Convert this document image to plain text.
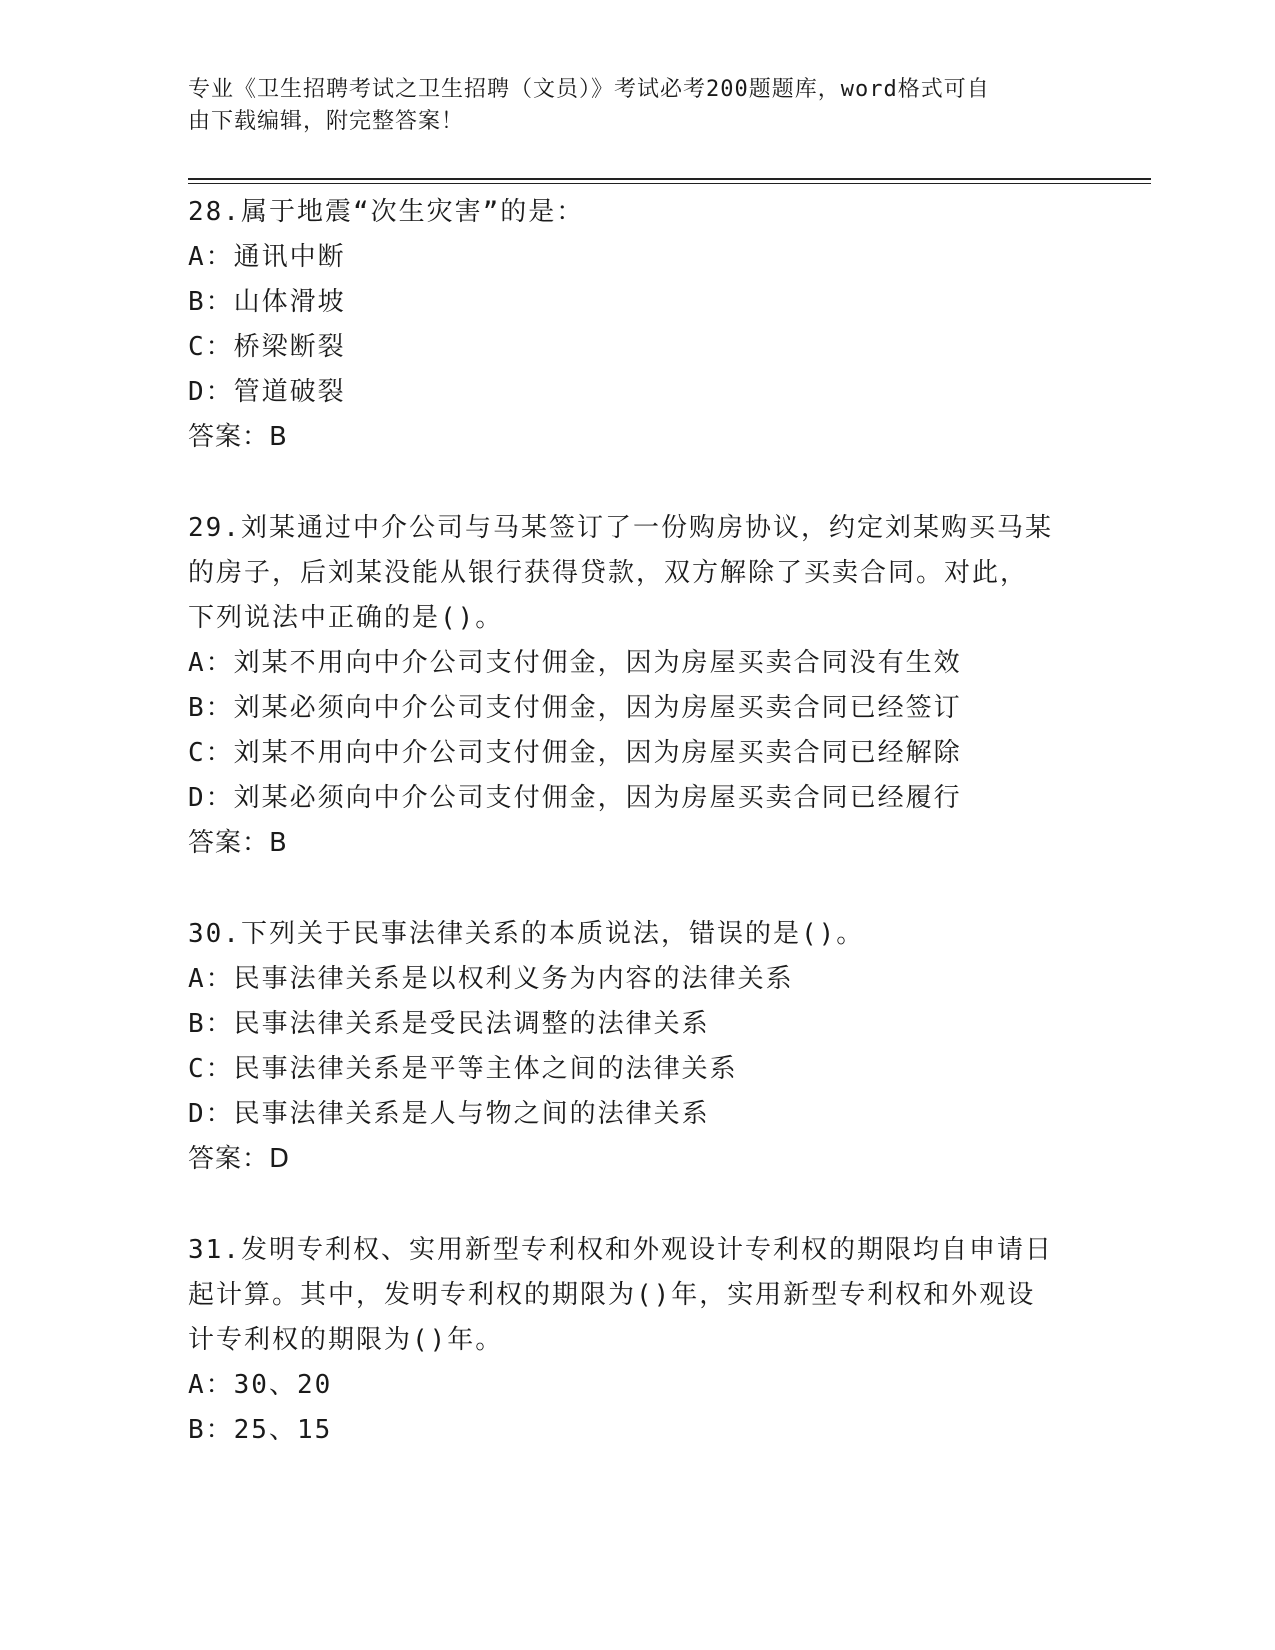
专业《卫生招聘考试之卫生招聘（文员）》考试必考200题题库，word格式可自
由下载编辑，附完整答案！
28.属于地震“次生灾害”的是：
A：通讯中断
B：山体滑坡
C：桥梁断裂
D：管道破裂
答案：B
29.刘某通过中介公司与马某签订了一份购房协议，约定刘某购买马某
的房子，后刘某没能从银行获得贷款，双方解除了买卖合同。对此，
下列说法中正确的是()。
A：刘某不用向中介公司支付佣金，因为房屋买卖合同没有生效
B：刘某必须向中介公司支付佣金，因为房屋买卖合同已经签订
C：刘某不用向中介公司支付佣金，因为房屋买卖合同已经解除
D：刘某必须向中介公司支付佣金，因为房屋买卖合同已经履行
答案：B
30.下列关于民事法律关系的本质说法，错误的是()。
A：民事法律关系是以权利义务为内容的法律关系
B：民事法律关系是受民法调整的法律关系
C：民事法律关系是平等主体之间的法律关系
D：民事法律关系是人与物之间的法律关系
答案：D
31.发明专利权、实用新型专利权和外观设计专利权的期限均自申请日
起计算。其中，发明专利权的期限为()年，实用新型专利权和外观设
计专利权的期限为()年。
A：30、20
B：25、15
